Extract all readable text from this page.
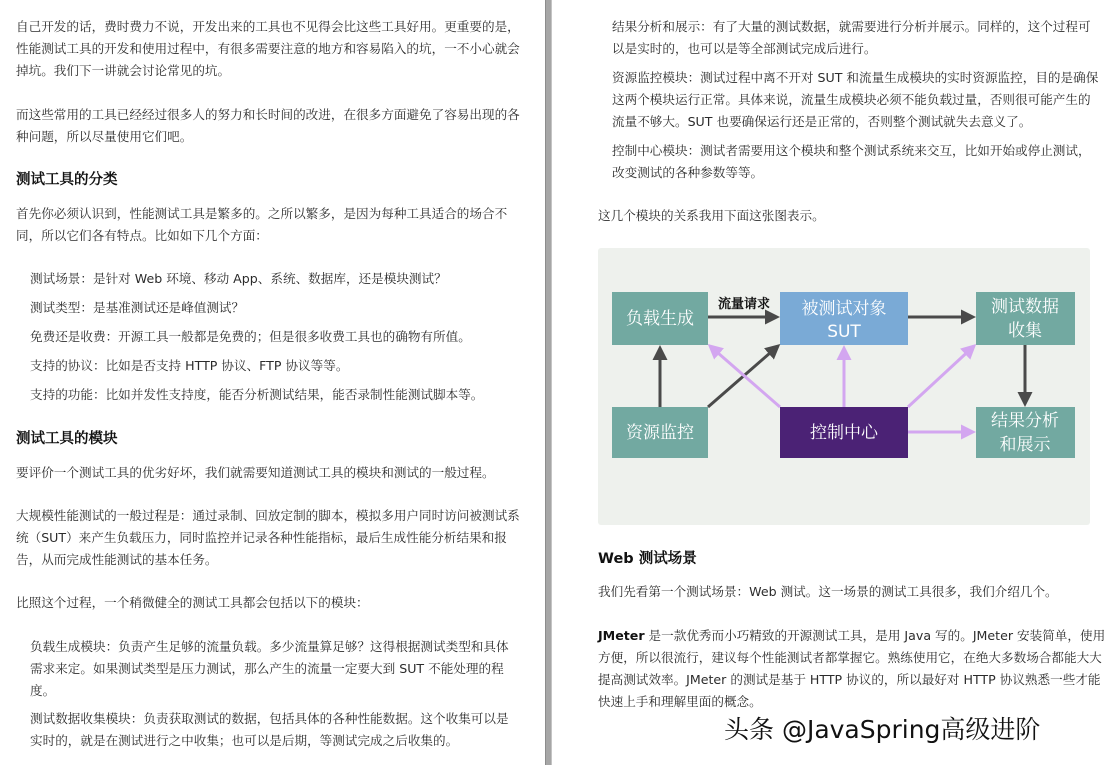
自己开发的话，费时费力不说，开发出来的工具也不见得会比这些工具好用。更重要的是，

性能测试工具的开发和使用过程中，有很多需要注意的地方和容易陷入的坑，一不小心就会

掉坑。我们下一讲就会讨论常见的坑。

而这些常用的工具已经经过很多人的努力和长时间的改进，在很多方面避免了容易出现的各

种问题，所以尽量使用它们吧。

测试工具的分类

首先你必须认识到，性能测试工具是繁多的。之所以繁多，是因为每种工具适合的场合不

同，所以它们各有特点。比如如下几个方面：

测试场景：是针对 Web 环境、移动 App、系统、数据库，还是模块测试？

测试类型：是基准测试还是峰值测试？

免费还是收费：开源工具一般都是免费的；但是很多收费工具也的确物有所值。

支持的协议：比如是否支持 HTTP 协议、FTP 协议等等。

支持的功能：比如并发性支持度，能否分析测试结果，能否录制性能测试脚本等。

测试工具的模块

要评价一个测试工具的优劣好坏，我们就需要知道测试工具的模块和测试的一般过程。

大规模性能测试的一般过程是：通过录制、回放定制的脚本，模拟多用户同时访问被测试系

统（SUT）来产生负载压力，同时监控并记录各种性能指标，最后生成性能分析结果和报

告，从而完成性能测试的基本任务。

比照这个过程，一个稍微健全的测试工具都会包括以下的模块：

负载生成模块：负责产生足够的流量负载。多少流量算足够？这得根据测试类型和具体

需求来定。如果测试类型是压力测试，那么产生的流量一定要大到 SUT 不能处理的程

度。

测试数据收集模块：负责获取测试的数据，包括具体的各种性能数据。这个收集可以是

实时的，就是在测试进行之中收集；也可以是后期，等测试完成之后收集的。

结果分析和展示：有了大量的测试数据，就需要进行分析并展示。同样的，这个过程可

以是实时的，也可以是等全部测试完成后进行。

资源监控模块：测试过程中离不开对 SUT 和流量生成模块的实时资源监控，目的是确保

这两个模块运行正常。具体来说，流量生成模块必须不能负载过量，否则很可能产生的

流量不够大。SUT 也要确保运行还是正常的，否则整个测试就失去意义了。

控制中心模块：测试者需要用这个模块和整个测试系统来交互，比如开始或停止测试，

改变测试的各种参数等等。

这几个模块的关系我用下面这张图表示。

Web 测试场景

我们先看第一个测试场景：Web 测试。这一场景的测试工具很多，我们介绍几个。

JMeter 是一款优秀而小巧精致的开源测试工具，是用 Java 写的。JMeter 安装简单，使用

方便，所以很流行，建议每个性能测试者都掌握它。熟练使用它，在绝大多数场合都能大大

提高测试效率。JMeter 的测试是基于 HTTP 协议的，所以最好对 HTTP 协议熟悉一些才能

快速上手和理解里面的概念。

负载生成	被测试对象
SUT
测试数据
收集
资源监控	控制中心
结果分析
和展示
流量请求
头条 @JavaSpring高级进阶
